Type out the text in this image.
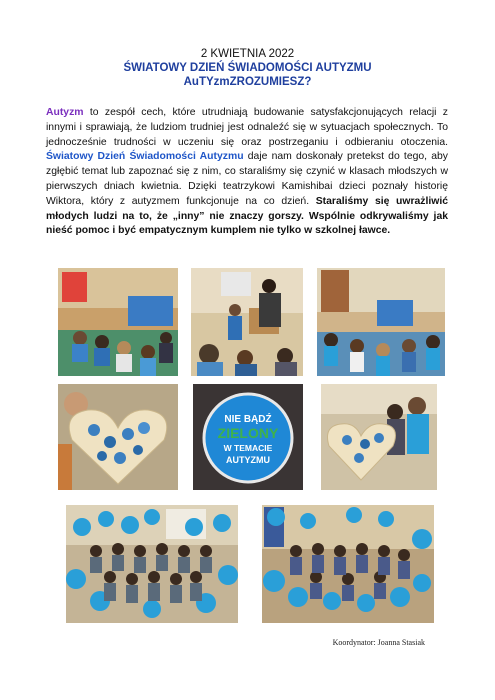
2 KWIETNIA 2022
ŚWIATOWY DZIEŃ ŚWIADOMOŚCI AUTYZMU
AuTYzmZROZUMIESZ?
Autyzm to zespół cech, które utrudniają budowanie satysfakcjonujących relacji z innymi i sprawiają, że ludziom trudniej jest odnaleźć się w sytuacjach społecznych. To jednocześnie trudności w uczeniu się oraz postrzeganiu i odbieraniu otoczenia. Światowy Dzień Świadomości Autyzmu daje nam doskonały pretekst do tego, aby zgłębić temat lub zapoznać się z nim, co staraliśmy się czynić w klasach młodszych w pierwszych dniach kwietnia. Dzięki teatrzykowi Kamishibai dzieci poznały historię Wiktora, który z autyzmem funkcjonuje na co dzień. Staraliśmy się uwrażliwić młodych ludzi na to, że „inny” nie znaczy gorszy. Wspólnie odkrywaliśmy jak nieść pomoc i być empatycznym kumplem nie tylko w szkolnej ławce.
NIE BĄDŹ
ZIELONY
W TEMACIE
AUTYZMU
Koordynator: Joanna Stasiak
